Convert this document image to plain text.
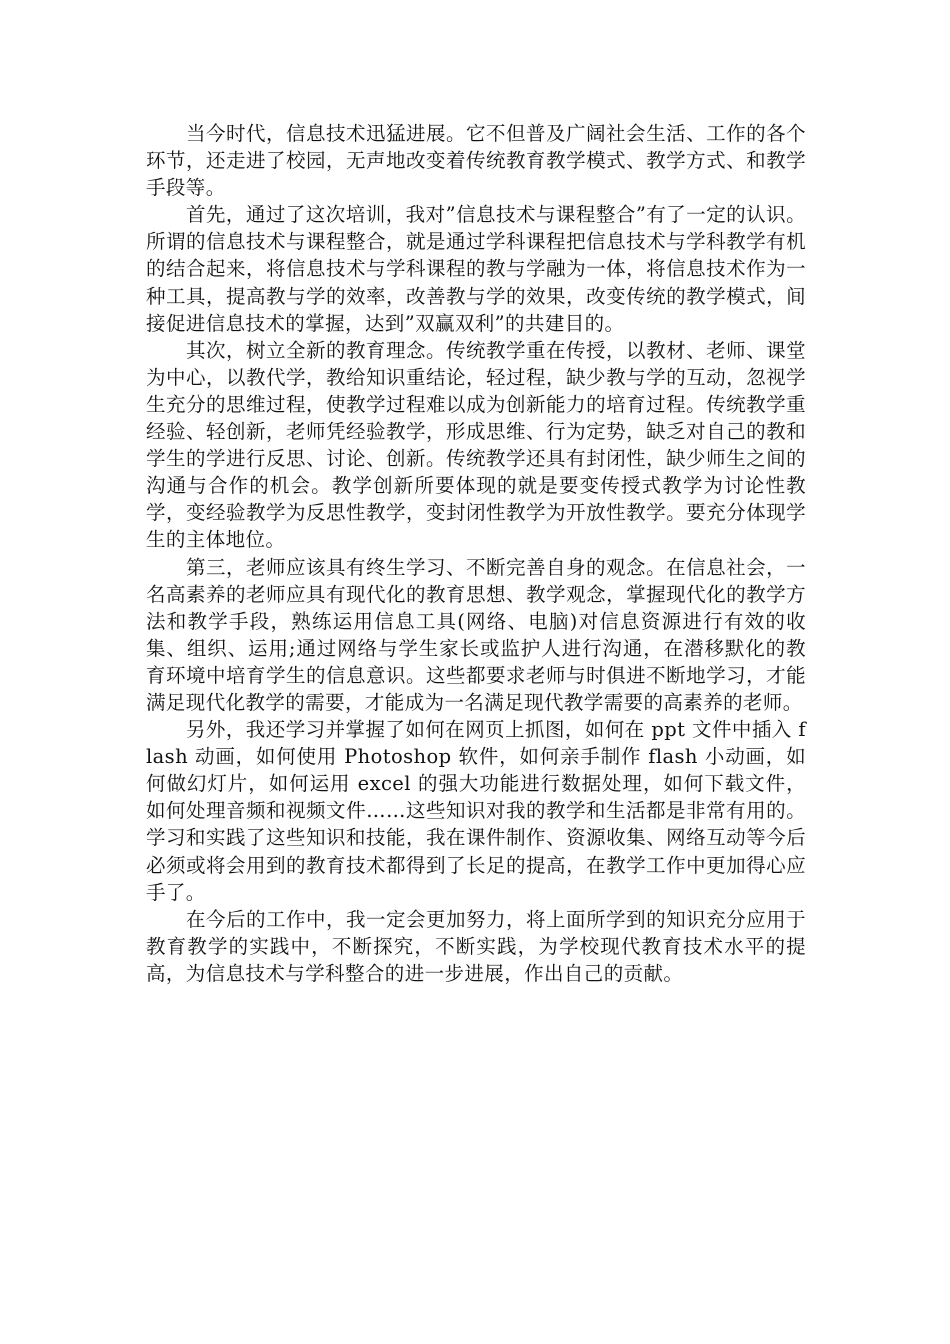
当今时代，信息技术迅猛进展。它不但普及广阔社会生活、工作的各个环节，还走进了校园，无声地改变着传统教育教学模式、教学方式、和教学手段等。

首先，通过了这次培训，我对”信息技术与课程整合”有了一定的认识。所谓的信息技术与课程整合，就是通过学科课程把信息技术与学科教学有机的结合起来，将信息技术与学科课程的教与学融为一体，将信息技术作为一种工具，提高教与学的效率，改善教与学的效果，改变传统的教学模式，间接促进信息技术的掌握，达到”双赢双利”的共建目的。

其次，树立全新的教育理念。传统教学重在传授，以教材、老师、课堂为中心，以教代学，教给知识重结论，轻过程，缺少教与学的互动，忽视学生充分的思维过程，使教学过程难以成为创新能力的培育过程。传统教学重经验、轻创新，老师凭经验教学，形成思维、行为定势，缺乏对自己的教和学生的学进行反思、讨论、创新。传统教学还具有封闭性，缺少师生之间的沟通与合作的机会。教学创新所要体现的就是要变传授式教学为讨论性教学，变经验教学为反思性教学，变封闭性教学为开放性教学。要充分体现学生的主体地位。

第三，老师应该具有终生学习、不断完善自身的观念。在信息社会，一名高素养的老师应具有现代化的教育思想、教学观念，掌握现代化的教学方法和教学手段，熟练运用信息工具(网络、电脑)对信息资源进行有效的收集、组织、运用;通过网络与学生家长或监护人进行沟通，在潜移默化的教育环境中培育学生的信息意识。这些都要求老师与时俱进不断地学习，才能满足现代化教学的需要，才能成为一名满足现代教学需要的高素养的老师。

另外，我还学习并掌握了如何在网页上抓图，如何在 ppt 文件中插入 flash 动画，如何使用 Photoshop 软件，如何亲手制作 flash 小动画，如何做幻灯片，如何运用 excel 的强大功能进行数据处理，如何下载文件，如何处理音频和视频文件……这些知识对我的教学和生活都是非常有用的。学习和实践了这些知识和技能，我在课件制作、资源收集、网络互动等今后必须或将会用到的教育技术都得到了长足的提高，在教学工作中更加得心应手了。

在今后的工作中，我一定会更加努力，将上面所学到的知识充分应用于教育教学的实践中，不断探究，不断实践，为学校现代教育技术水平的提高，为信息技术与学科整合的进一步进展，作出自己的贡献。
